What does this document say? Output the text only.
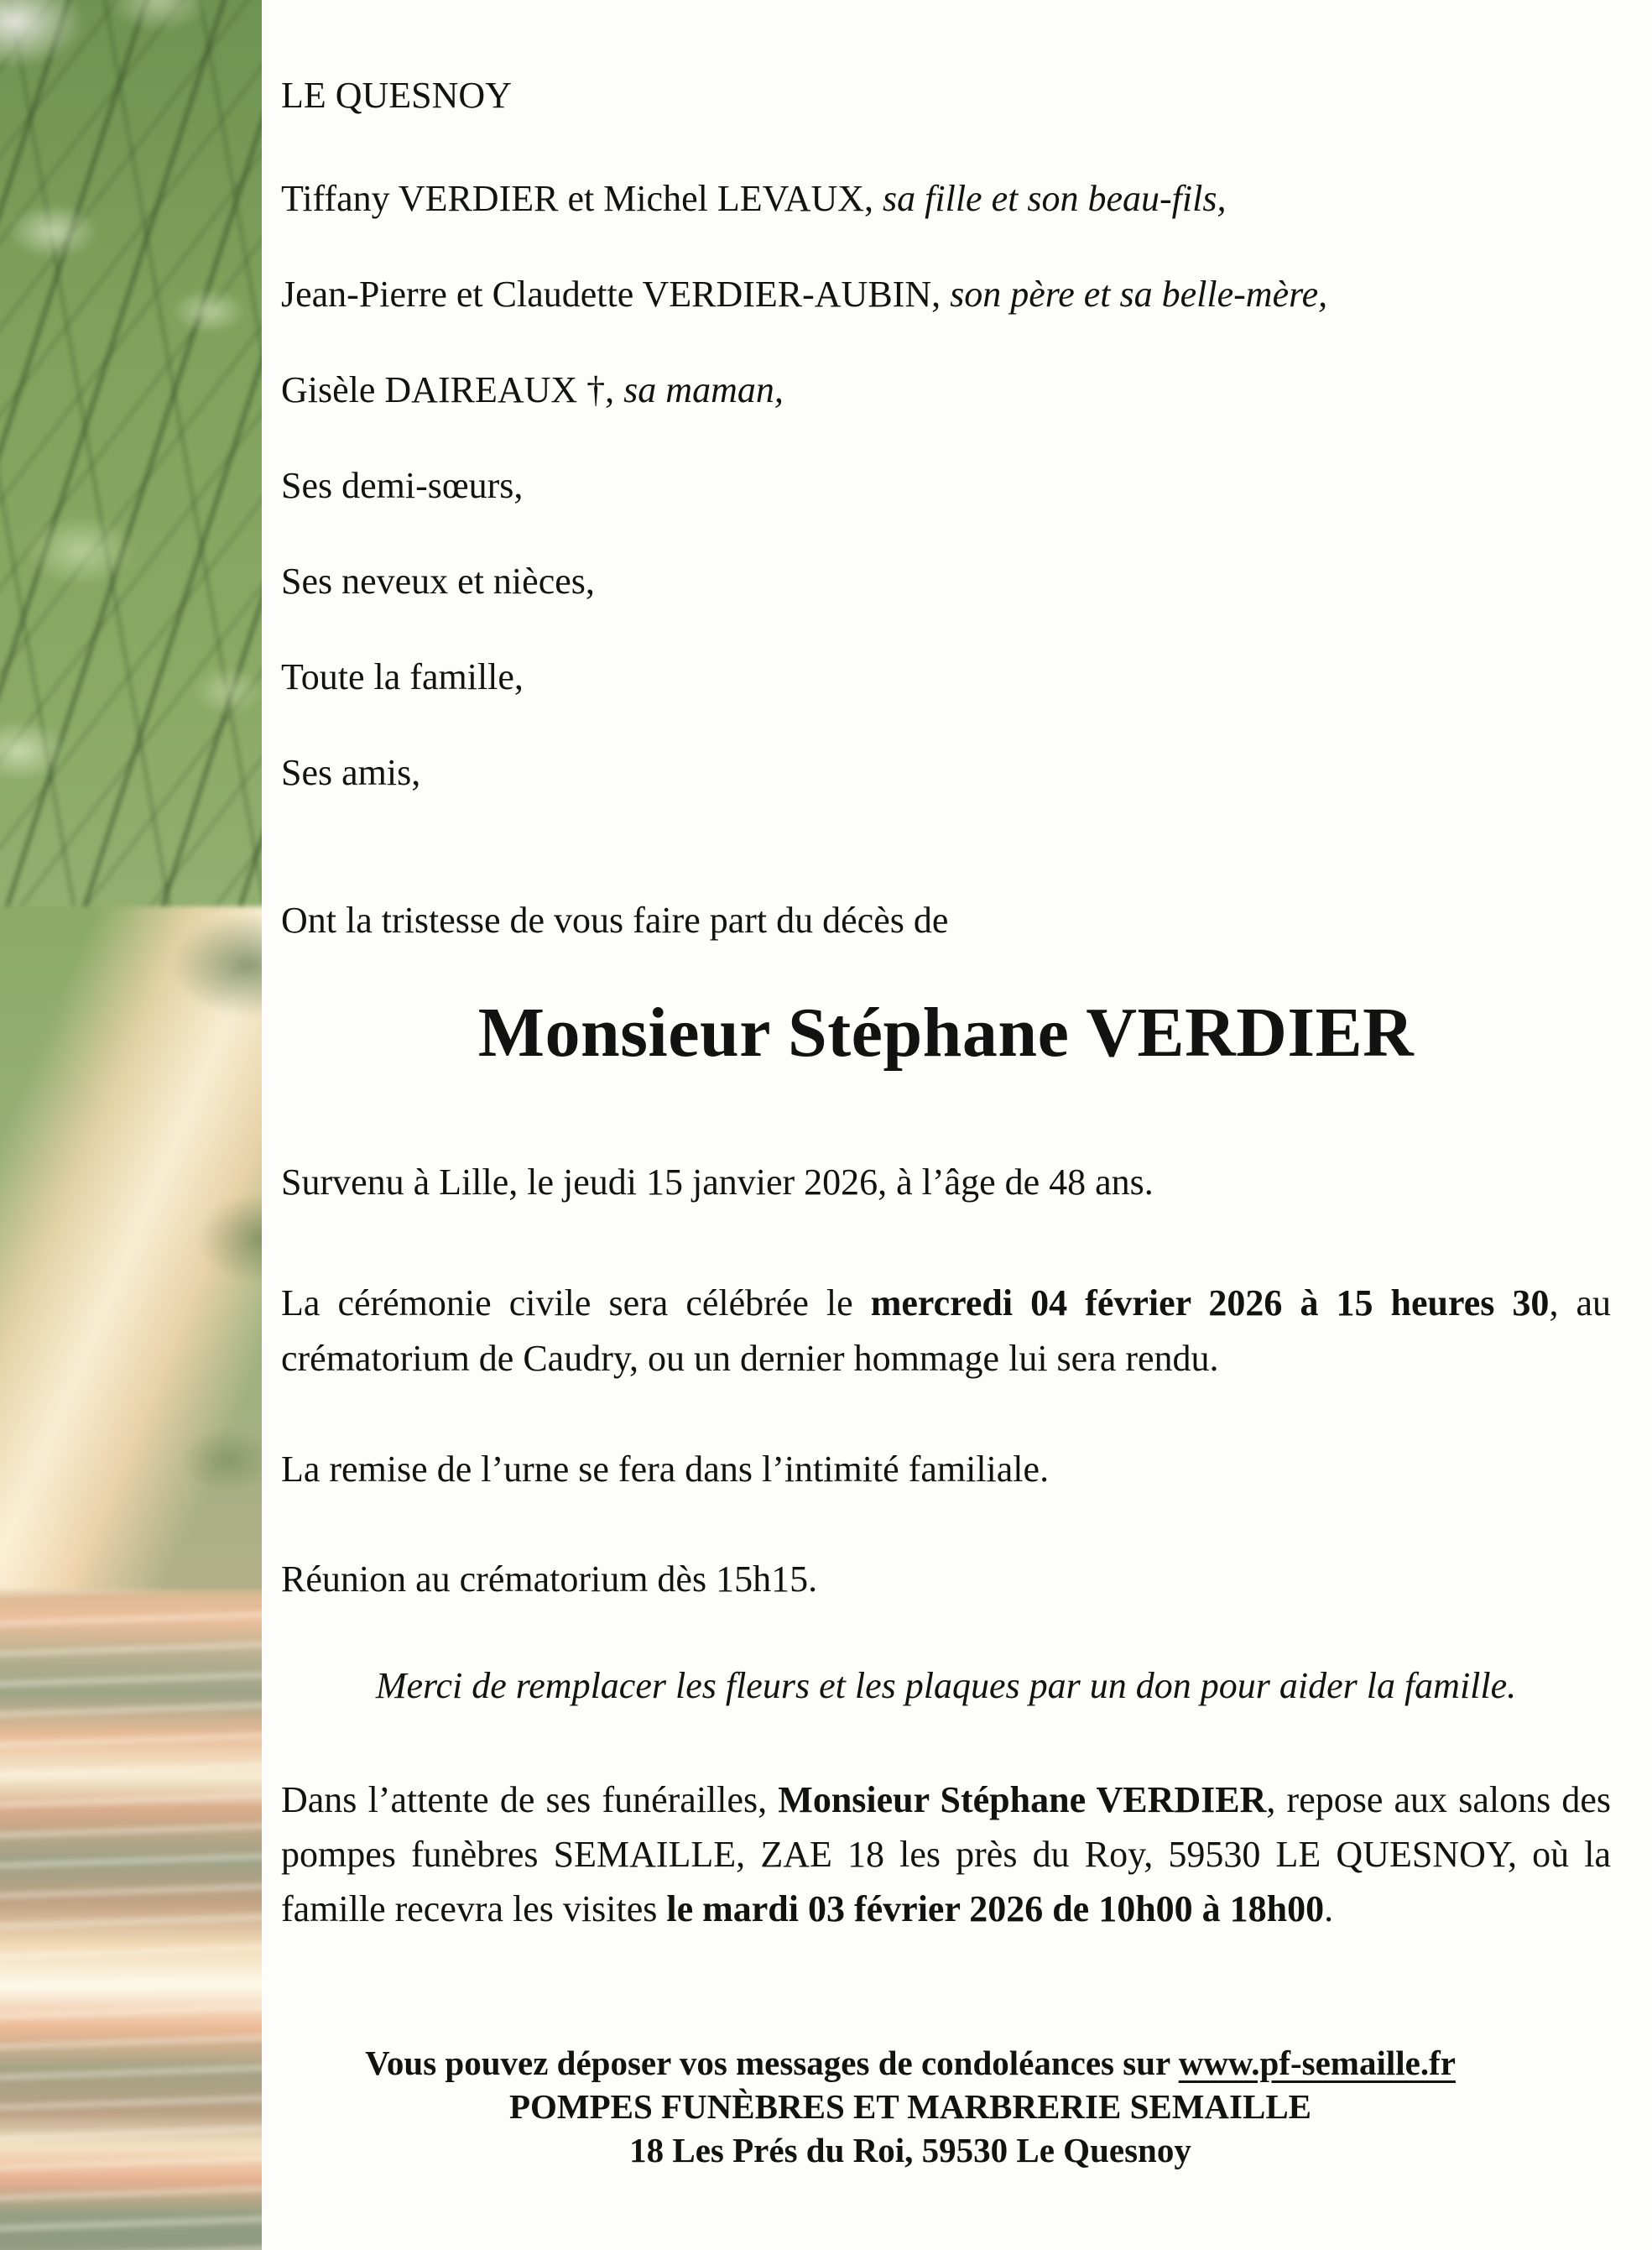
LE QUESNOY
Tiffany VERDIER et Michel LEVAUX, sa fille et son beau-fils,
Jean-Pierre et Claudette VERDIER-AUBIN, son père et sa belle-mère,
Gisèle DAIREAUX †, sa maman,
Ses demi-sœurs,
Ses neveux et nièces,
Toute la famille,
Ses amis,
Ont la tristesse de vous faire part du décès de
Monsieur Stéphane VERDIER
Survenu à Lille, le jeudi 15 janvier 2026, à l’âge de 48 ans.
La cérémonie civile sera célébrée le mercredi 04 février 2026 à 15 heures 30, au crématorium de Caudry, ou un dernier hommage lui sera rendu.
La remise de l’urne se fera dans l’intimité familiale.
Réunion au crématorium dès 15h15.
Merci de remplacer les fleurs et les plaques par un don pour aider la famille.
Dans l’attente de ses funérailles, Monsieur Stéphane VERDIER, repose aux salons des pompes funèbres SEMAILLE, ZAE 18 les près du Roy, 59530 LE QUESNOY, où la famille recevra les visites le mardi 03 février 2026 de 10h00 à 18h00.
Vous pouvez déposer vos messages de condoléances sur www.pf-semaille.fr
POMPES FUNÈBRES ET MARBRERIE SEMAILLE
18 Les Prés du Roi, 59530 Le Quesnoy
